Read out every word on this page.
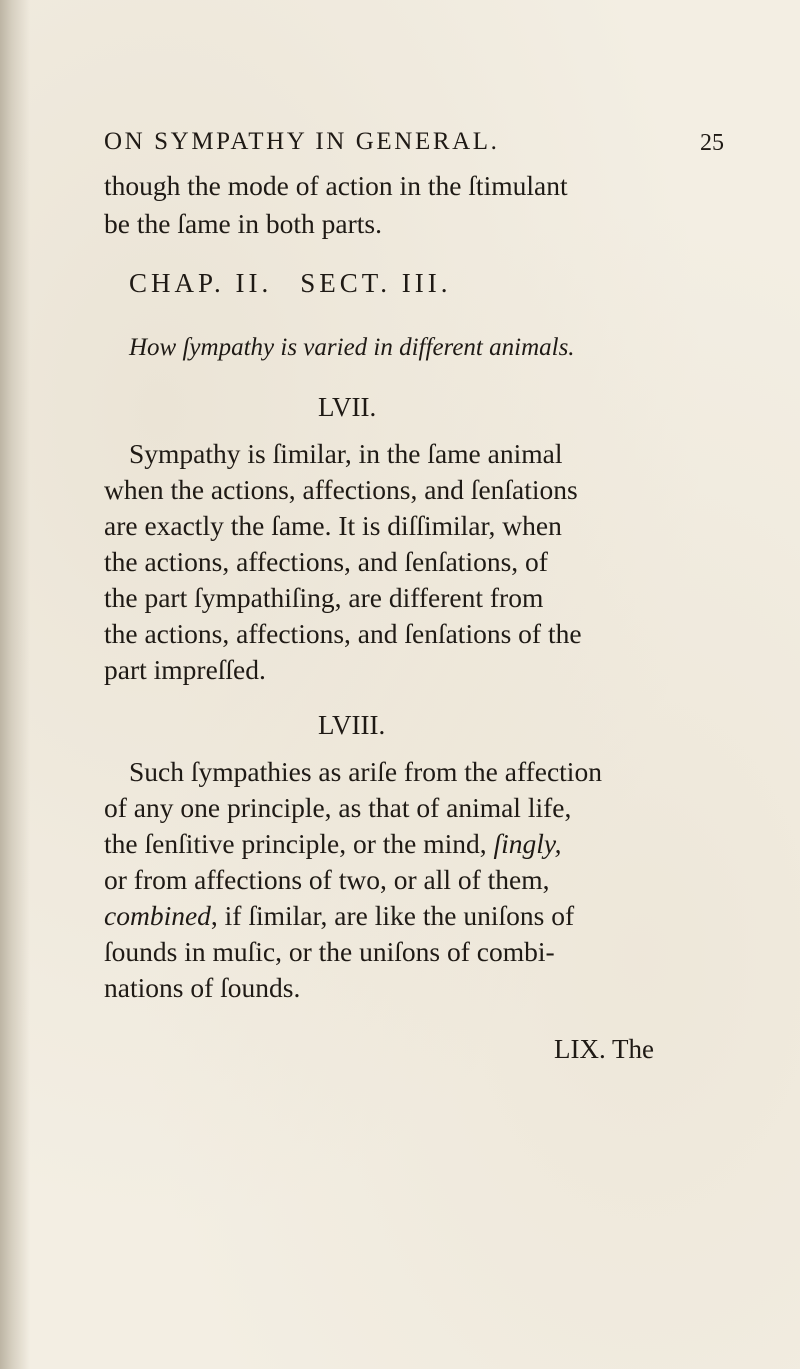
ON SYMPATHY IN GENERAL.	25
though the mode of action in the ſtimulant
be the ſame in both parts.
CHAP. II. SECT. III.
How ſympathy is varied in different animals.
LVII.
Sympathy is ſimilar, in the ſame animal
when the actions, affections, and ſenſations
are exactly the ſame. It is diſſimilar, when
the actions, affections, and ſenſations, of
the part ſympathiſing, are different from
the actions, affections, and ſenſations of the
part impreſſed.
LVIII.
Such ſympathies as ariſe from the affection
of any one principle, as that of animal life,
the ſenſitive principle, or the mind, ſingly,
or from affections of two, or all of them,
combined, if ſimilar, are like the uniſons of
ſounds in muſic, or the uniſons of combi-
nations of ſounds.
LIX. The
